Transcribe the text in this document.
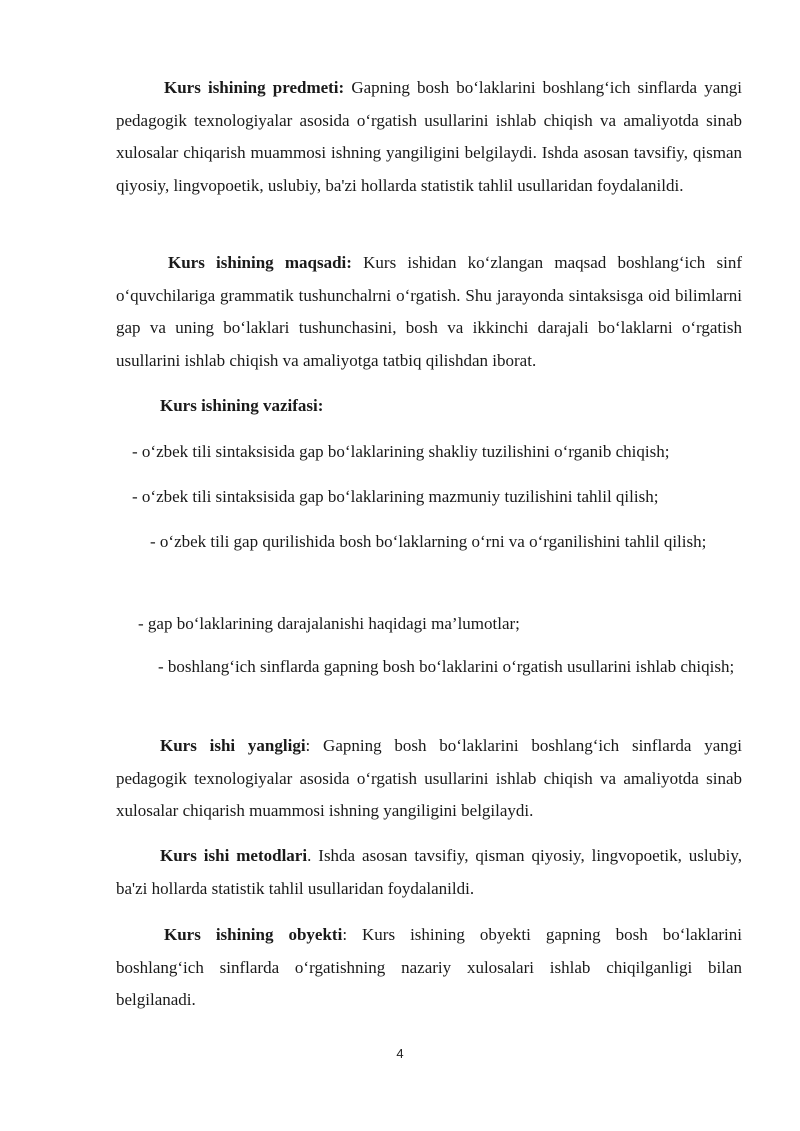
Kurs ishining predmeti: Gapning bosh bo‘laklarini boshlang‘ich sinflarda yangi pedagogik texnologiyalar asosida o‘rgatish usullarini ishlab chiqish va amaliyotda sinab xulosalar chiqarish muammosi ishning yangiligini belgilaydi. Ishda asosan tavsifiy, qisman qiyosiy, lingvopoetik, uslubiy, ba'zi hollarda statistik tahlil usullaridan foydalanildi.

Kurs ishining maqsadi: Kurs ishidan ko‘zlangan maqsad boshlang‘ich sinf o‘quvchilariga grammatik tushunchalrni o‘rgatish. Shu jarayonda sintaksisga oid bilimlarni gap va uning bo‘laklari tushunchasini, bosh va ikkinchi darajali bo‘laklarni o‘rgatish usullarini ishlab chiqish va amaliyotga tatbiq qilishdan iborat.

Kurs ishining vazifasi:

- o‘zbek tili sintaksisida gap bo‘laklarining shakliy tuzilishini o‘rganib chiqish;

- o‘zbek tili sintaksisida gap bo‘laklarining mazmuniy tuzilishini tahlil qilish;

- o‘zbek tili gap qurilishida bosh bo‘laklarning o‘rni va o‘rganilishini tahlil qilish;

- gap bo‘laklarining darajalanishi haqidagi ma’lumotlar;

- boshlang‘ich sinflarda gapning bosh bo‘laklarini o‘rgatish usullarini ishlab chiqish;

Kurs ishi yangligi: Gapning bosh bo‘laklarini boshlang‘ich sinflarda yangi pedagogik texnologiyalar asosida o‘rgatish usullarini ishlab chiqish va amaliyotda sinab xulosalar chiqarish muammosi ishning yangiligini belgilaydi.

Kurs ishi metodlari. Ishda asosan tavsifiy, qisman qiyosiy, lingvopoetik, uslubiy, ba'zi hollarda statistik tahlil usullaridan foydalanildi.

Kurs ishining obyekti: Kurs ishining obyekti gapning bosh bo‘laklarini boshlang‘ich sinflarda o‘rgatishning nazariy xulosalari ishlab chiqilganligi bilan belgilanadi.

4
